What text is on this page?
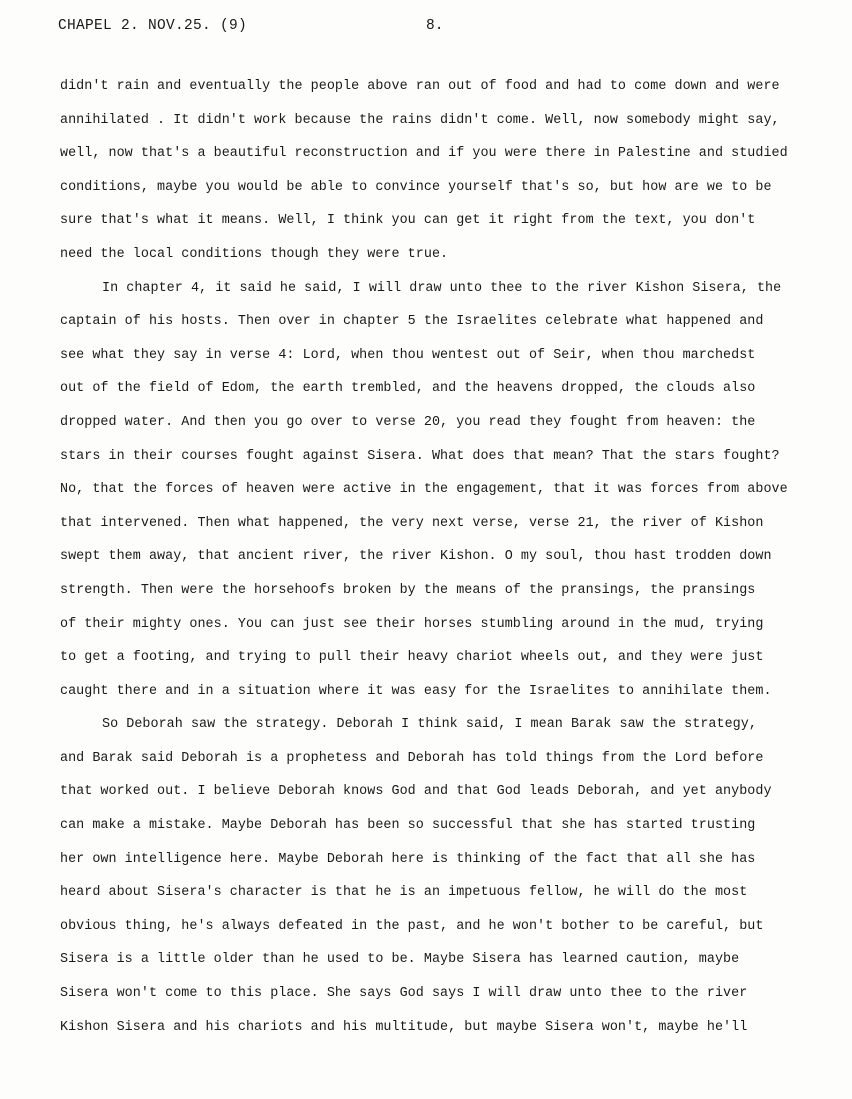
CHAPEL 2. NOV.25. (9)	8.
didn't rain and eventually the people above ran out of food and had to come down and were
annihilated . It didn't work because the rains didn't come. Well, now somebody might say,
well, now that's a beautiful reconstruction and if you were there in Palestine and studied
conditions, maybe you would be able to convince yourself that's so, but how are we to be
sure that's what it means. Well, I think you can get it right from the text, you don't
need the local conditions though they were true.
In chapter 4, it said he said, I will draw unto thee to the river Kishon Sisera, the
captain of his hosts. Then over in chapter 5 the Israelites celebrate what happened and
see what they say in verse 4: Lord, when thou wentest out of Seir, when thou marchedst
out of the field of Edom, the earth trembled, and the heavens dropped, the clouds also
dropped water. And then you go over to verse 20, you read they fought from heaven: the
stars in their courses fought against Sisera. What does that mean? That the stars fought?
No, that the forces of heaven were active in the engagement, that it was forces from above
that intervened. Then what happened, the very next verse, verse 21, the river of Kishon
swept them away, that ancient river, the river Kishon. O my soul, thou hast trodden down
strength. Then were the horsehoofs broken by the means of the pransings, the pransings
of their mighty ones. You can just see their horses stumbling around in the mud, trying
to get a footing, and trying to pull their heavy chariot wheels out, and they were just
caught there and in a situation where it was easy for the Israelites to annihilate them.
So Deborah saw the strategy. Deborah I think said, I mean Barak saw the strategy,
and Barak said Deborah is a prophetess and Deborah has told things from the Lord before
that worked out. I believe Deborah knows God and that God leads Deborah, and yet anybody
can make a mistake. Maybe Deborah has been so successful that she has started trusting
her own intelligence here. Maybe Deborah here is thinking of the fact that all she has
heard about Sisera's character is that he is an impetuous fellow, he will do the most
obvious thing, he's always defeated in the past, and he won't bother to be careful, but
Sisera is a little older than he used to be. Maybe Sisera has learned caution, maybe
Sisera won't come to this place. She says God says I will draw unto thee to the river
Kishon Sisera and his chariots and his multitude, but maybe Sisera won't, maybe he'll
